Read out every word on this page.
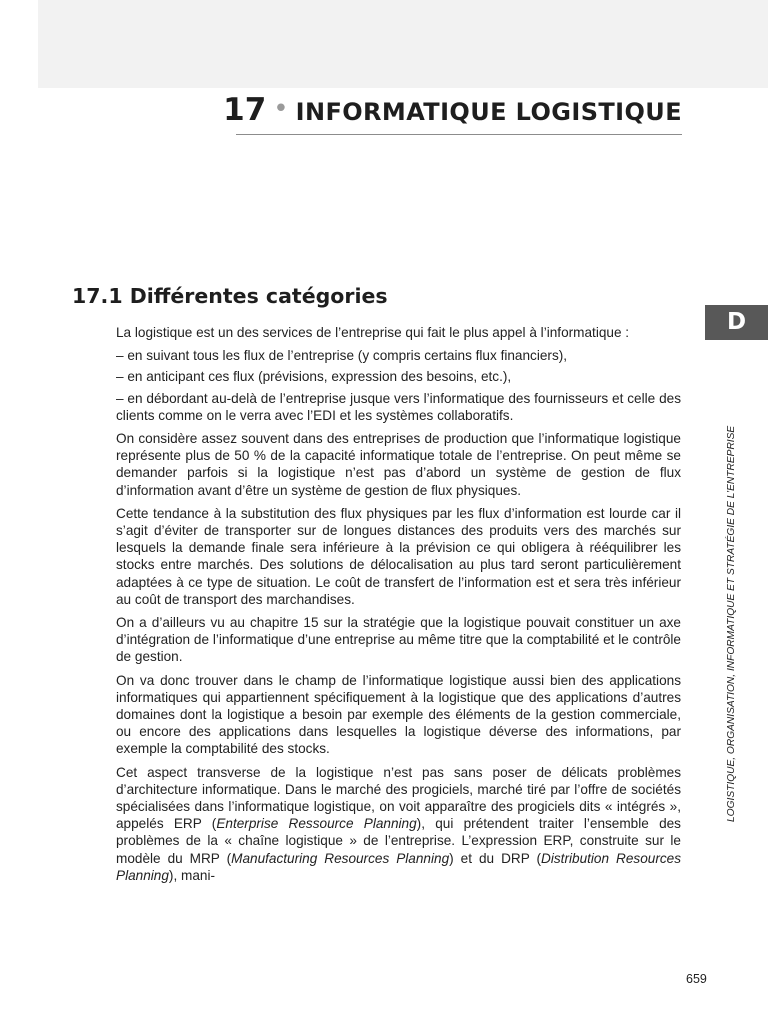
17 • INFORMATIQUE LOGISTIQUE
17.1 Différentes catégories
D
LOGISTIQUE, ORGANISATION, INFORMATIQUE ET STRATÉGIE DE L’ENTREPRISE

La logistique est un des services de l’entreprise qui fait le plus appel à l’informatique :

– en suivant tous les flux de l’entreprise (y compris certains flux financiers),

– en anticipant ces flux (prévisions, expression des besoins, etc.),

– en débordant au-delà de l’entreprise jusque vers l’informatique des fournisseurs et celle des clients comme on le verra avec l’EDI et les systèmes collaboratifs.

On considère assez souvent dans des entreprises de production que l’informatique logistique représente plus de 50 % de la capacité informatique totale de l’entreprise. On peut même se demander parfois si la logistique n’est pas d’abord un système de gestion de flux d’information avant d’être un système de gestion de flux physiques.

Cette tendance à la substitution des flux physiques par les flux d’information est lourde car il s’agit d’éviter de transporter sur de longues distances des produits vers des marchés sur lesquels la demande finale sera inférieure à la prévision ce qui obligera à rééquilibrer les stocks entre marchés. Des solutions de délocalisation au plus tard seront particulièrement adaptées à ce type de situation. Le coût de transfert de l’information est et sera très inférieur au coût de transport des marchandises.

On a d’ailleurs vu au chapitre 15 sur la stratégie que la logistique pouvait constituer un axe d’intégration de l’informatique d’une entreprise au même titre que la comptabilité et le contrôle de gestion.

On va donc trouver dans le champ de l’informatique logistique aussi bien des applications informatiques qui appartiennent spécifiquement à la logistique que des applications d’autres domaines dont la logistique a besoin par exemple des éléments de la gestion commerciale, ou encore des applications dans lesquelles la logistique déverse des informations, par exemple la comptabilité des stocks.

Cet aspect transverse de la logistique n’est pas sans poser de délicats problèmes d’architecture informatique. Dans le marché des progiciels, marché tiré par l’offre de sociétés spécialisées dans l’informatique logistique, on voit apparaître des progiciels dits « intégrés », appelés ERP (Enterprise Ressource Planning), qui prétendent traiter l’ensemble des problèmes de la « chaîne logistique » de l’entreprise. L’expression ERP, construite sur le modèle du MRP (Manufacturing Resources Planning) et du DRP (Distribution Resources Planning), mani-

659
